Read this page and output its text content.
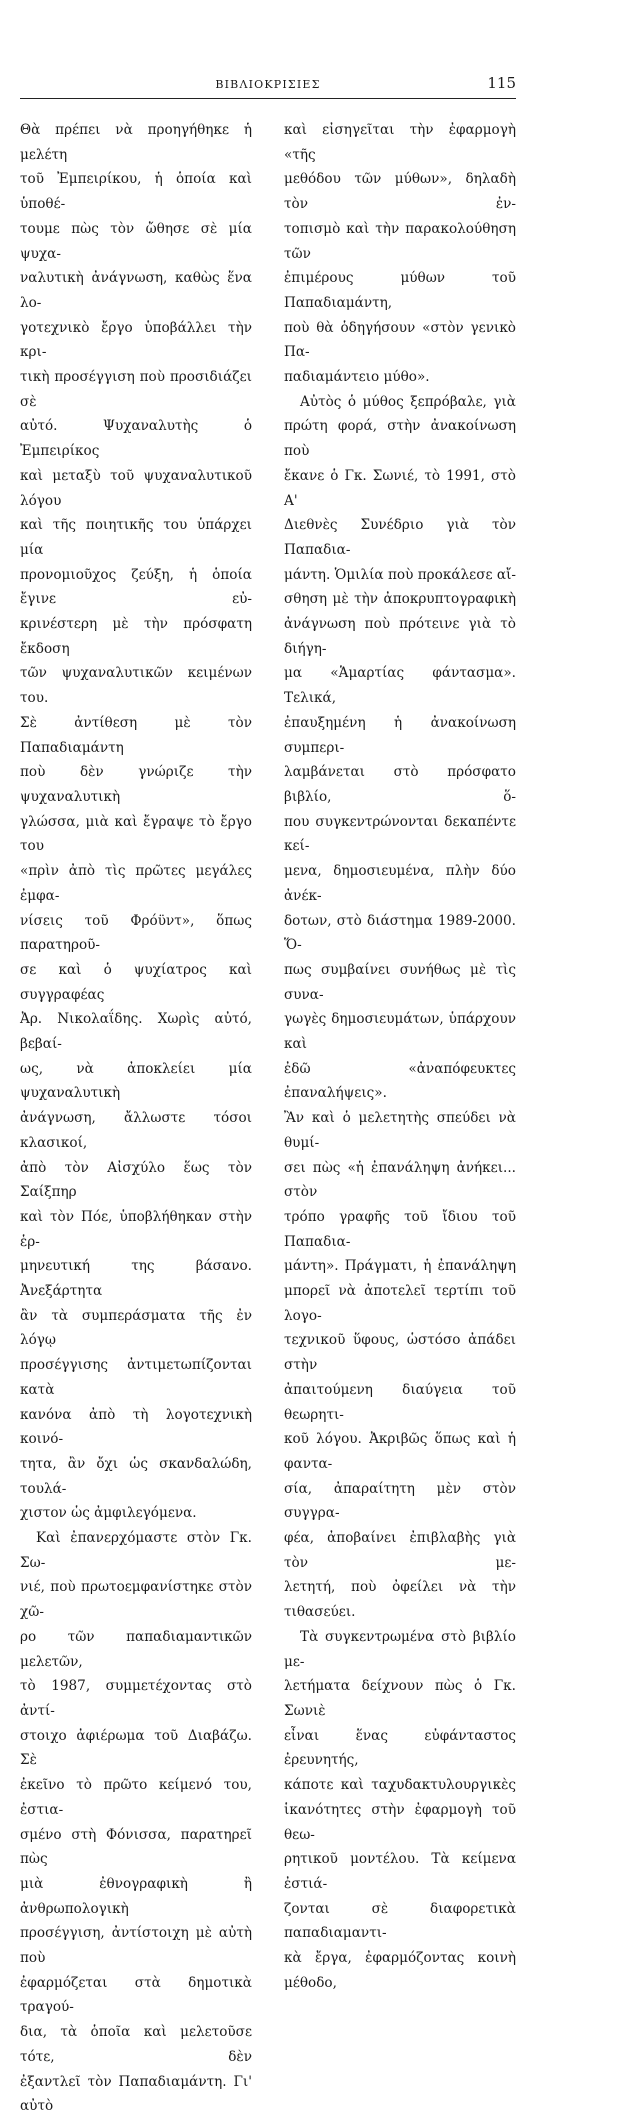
ΒΙΒΛΙΟΚΡΙΣΙΕΣ	115

Θὰ πρέπει νὰ προηγήθηκε ἡ μελέτη

τοῦ Ἐμπειρίκου, ἡ ὁποία καὶ ὑποθέ-

τουμε πὼς τὸν ὤθησε σὲ μία ψυχα-

ναλυτικὴ ἀνάγνωση, καθὼς ἕνα λο-

γοτεχνικὸ ἔργο ὑποβάλλει τὴν κρι-

τικὴ προσέγγιση ποὺ προσιδιάζει σὲ

αὐτό. Ψυχαναλυτὴς ὁ Ἐμπειρίκος

καὶ μεταξὺ τοῦ ψυχαναλυτικοῦ λόγου

καὶ τῆς ποιητικῆς του ὑπάρχει μία

προνομιοῦχος ζεύξη, ἡ ὁποία ἔγινε εὐ-

κρινέστερη μὲ τὴν πρόσφατη ἔκδοση

τῶν ψυχαναλυτικῶν κειμένων του.

Σὲ ἀντίθεση μὲ τὸν Παπαδιαμάντη

ποὺ δὲν γνώριζε τὴν ψυχαναλυτικὴ

γλώσσα, μιὰ καὶ ἔγραψε τὸ ἔργο του

«πρὶν ἀπὸ τὶς πρῶτες μεγάλες ἐμφα-

νίσεις τοῦ Φρόϋντ», ὅπως παρατηροῦ-

σε καὶ ὁ ψυχίατρος καὶ συγγραφέας

Ἀρ. Νικολαΐδης. Χωρὶς αὐτό, βεβαί-

ως, νὰ ἀποκλείει μία ψυχαναλυτικὴ

ἀνάγνωση, ἄλλωστε τόσοι κλασικοί,

ἀπὸ τὸν Αἰσχύλο ἕως τὸν Σαίξπηρ

καὶ τὸν Πόε, ὑποβλήθηκαν στὴν ἑρ-

μηνευτική της βάσανο. Ἀνεξάρτητα

ἂν τὰ συμπεράσματα τῆς ἐν λόγῳ

προσέγγισης ἀντιμετωπίζονται κατὰ

κανόνα ἀπὸ τὴ λογοτεχνικὴ κοινό-

τητα, ἂν ὄχι ὡς σκανδαλώδη, τουλά-

χιστον ὡς ἀμφιλεγόμενα.

Καὶ ἐπανερχόμαστε στὸν Γκ. Σω-

νιέ, ποὺ πρωτοεμφανίστηκε στὸν χῶ-

ρο τῶν παπαδιαμαντικῶν μελετῶν,

τὸ 1987, συμμετέχοντας στὸ ἀντί-

στοιχο ἀφιέρωμα τοῦ Διαβάζω. Σὲ

ἐκεῖνο τὸ πρῶτο κείμενό του, ἐστια-

σμένο στὴ Φόνισσα, παρατηρεῖ πὼς

μιὰ ἐθνογραφικὴ ἢ ἀνθρωπολογικὴ

προσέγγιση, ἀντίστοιχη μὲ αὐτὴ ποὺ

ἐφαρμόζεται στὰ δημοτικὰ τραγού-

δια, τὰ ὁποῖα καὶ μελετοῦσε τότε, δὲν

ἐξαντλεῖ τὸν Παπαδιαμάντη. Γι' αὐτὸ

καὶ εἰσηγεῖται τὴν ἐφαρμογὴ «τῆς

μεθόδου τῶν μύθων», δηλαδὴ τὸν ἐν-

τοπισμὸ καὶ τὴν παρακολούθηση τῶν

ἐπιμέρους μύθων τοῦ Παπαδιαμάντη,

ποὺ θὰ ὁδηγήσουν «στὸν γενικὸ Πα-

παδιαμάντειο μύθο».

Αὐτὸς ὁ μύθος ξεπρόβαλε, γιὰ

πρώτη φορά, στὴν ἀνακοίνωση ποὺ

ἔκανε ὁ Γκ. Σωνιέ, τὸ 1991, στὸ Α'

Διεθνὲς Συνέδριο γιὰ τὸν Παπαδια-

μάντη. Ὁμιλία ποὺ προκάλεσε αἴ-

σθηση μὲ τὴν ἀποκρυπτογραφικὴ

ἀνάγνωση ποὺ πρότεινε γιὰ τὸ διήγη-

μα «Ἁμαρτίας φάντασμα». Τελικά,

ἐπαυξημένη ἡ ἀνακοίνωση συμπερι-

λαμβάνεται στὸ πρόσφατο βιβλίο, ὅ-

που συγκεντρώνονται δεκαπέντε κεί-

μενα, δημοσιευμένα, πλὴν δύο ἀνέκ-

δοτων, στὸ διάστημα 1989-2000. Ὅ-

πως συμβαίνει συνήθως μὲ τὶς συνα-

γωγὲς δημοσιευμάτων, ὑπάρχουν καὶ

ἐδῶ «ἀναπόφευκτες ἐπαναλήψεις».

Ἂν καὶ ὁ μελετητὴς σπεύδει νὰ θυμί-

σει πὼς «ἡ ἐπανάληψη ἀνήκει... στὸν

τρόπο γραφῆς τοῦ ἴδιου τοῦ Παπαδια-

μάντη». Πράγματι, ἡ ἐπανάληψη

μπορεῖ νὰ ἀποτελεῖ τερτίπι τοῦ λογο-

τεχνικοῦ ὕφους, ὡστόσο ἀπάδει στὴν

ἀπαιτούμενη διαύγεια τοῦ θεωρητι-

κοῦ λόγου. Ἀκριβῶς ὅπως καὶ ἡ φαντα-

σία, ἀπαραίτητη μὲν στὸν συγγρα-

φέα, ἀποβαίνει ἐπιβλαβὴς γιὰ τὸν με-

λετητή, ποὺ ὀφείλει νὰ τὴν τιθασεύει.

Τὰ συγκεντρωμένα στὸ βιβλίο με-

λετήματα δείχνουν πὼς ὁ Γκ. Σωνιὲ

εἶναι ἕνας εὐφάνταστος ἐρευνητής,

κάποτε καὶ ταχυδακτυλουργικὲς

ἱκανότητες στὴν ἐφαρμογὴ τοῦ θεω-

ρητικοῦ μοντέλου. Τὰ κείμενα ἐστιά-

ζονται σὲ διαφορετικὰ παπαδιαμαντι-

κὰ ἔργα, ἐφαρμόζοντας κοινὴ μέθοδο,
